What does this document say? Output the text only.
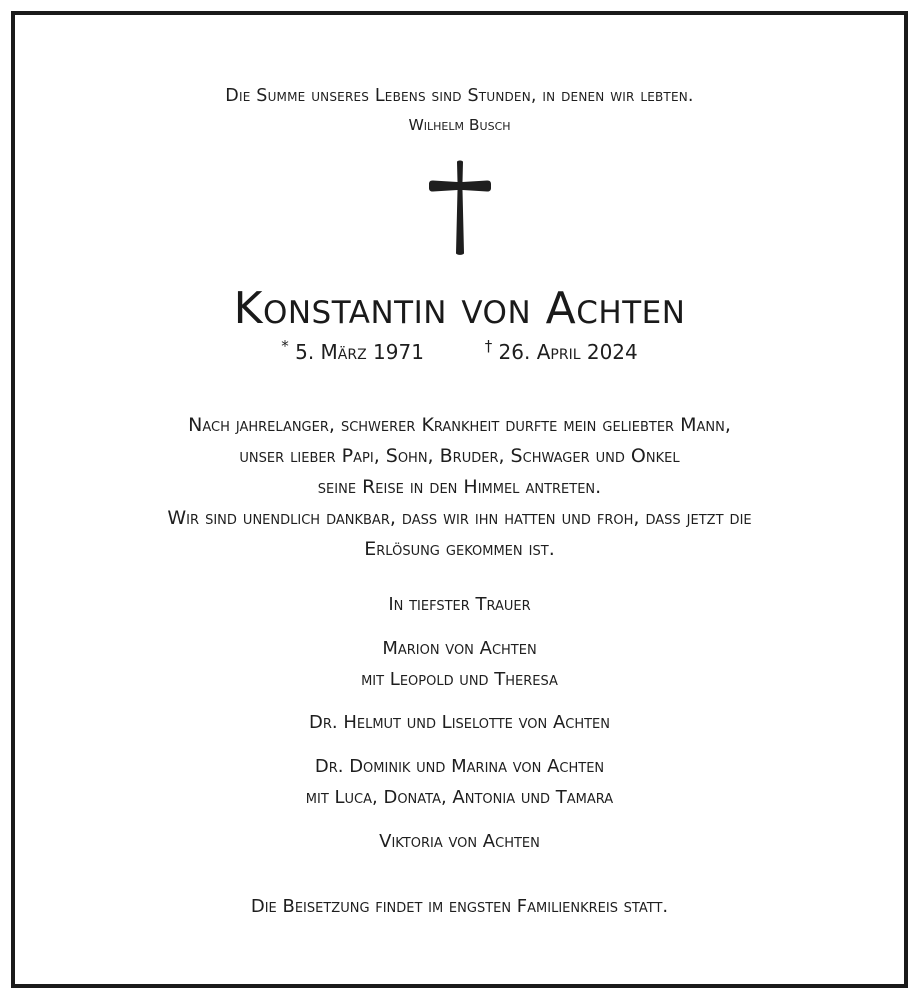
Die Summe unseres Lebens sind Stunden, in denen wir lebten.
Wilhelm Busch
Konstantin von Achten
* 5. März 1971	† 26. April 2024
Nach jahrelanger, schwerer Krankheit durfte mein geliebter Mann,
unser lieber Papi, Sohn, Bruder, Schwager und Onkel
seine Reise in den Himmel antreten.
Wir sind unendlich dankbar, dass wir ihn hatten und froh, dass jetzt die
Erlösung gekommen ist.
In tiefster Trauer
Marion von Achten
mit Leopold und Theresa
Dr. Helmut und Liselotte von Achten
Dr. Dominik und Marina von Achten
mit Luca, Donata, Antonia und Tamara
Viktoria von Achten
Die Beisetzung findet im engsten Familienkreis statt.
